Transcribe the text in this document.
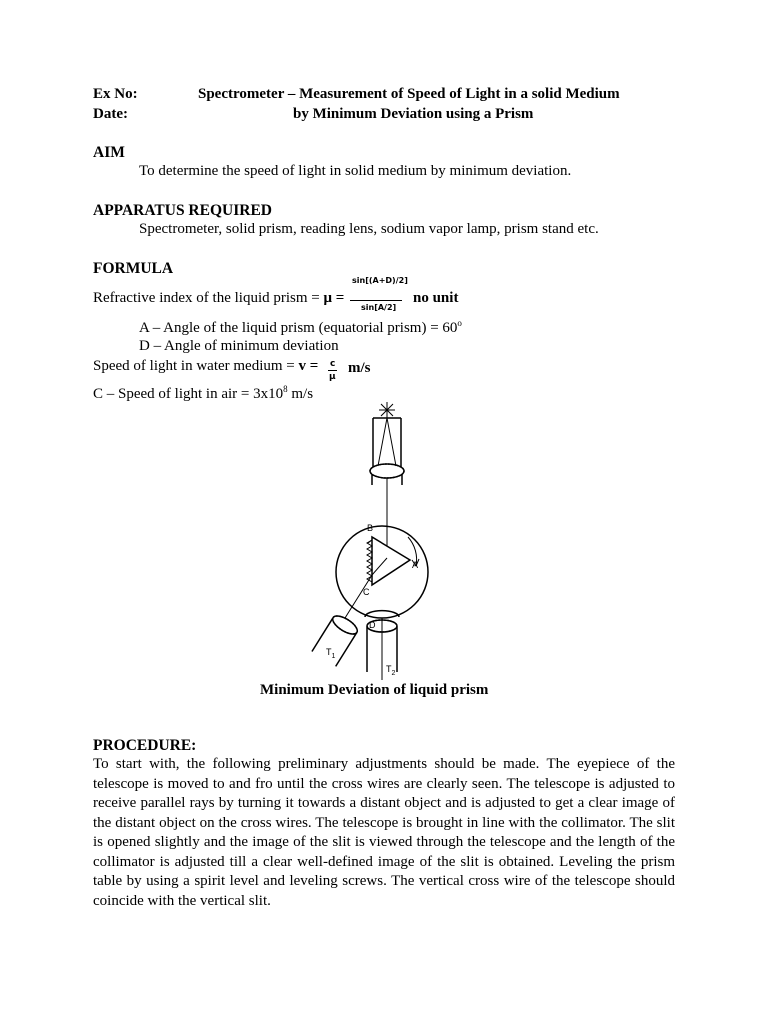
Ex No:
Date:
Spectrometer – Measurement of Speed of Light in a solid Medium
by Minimum Deviation using a Prism
AIM
To determine the speed of light in solid medium by minimum deviation.
APPARATUS REQUIRED
Spectrometer, solid prism, reading lens, sodium vapor lamp, prism stand etc.
FORMULA
Refractive index of the liquid prism = μ =
sin[(A+D)/2]
sin[A/2]
no unit
A – Angle of the liquid prism (equatorial prism) = $60^o$
D – Angle of minimum deviation
Speed of light in water medium = v = c
μ
m/s
C – Speed of light in air = $3x10^8$ m/s
B
A
C
D
$T_1$
$T_2$
Minimum Deviation of liquid prism
PROCEDURE:
To start with, the following preliminary adjustments should be made. The eyepiece of the telescope is moved to and fro until the cross wires are clearly seen. The telescope is adjusted to receive parallel rays by turning it towards a distant object and is adjusted to get a clear image of the distant object on the cross wires. The telescope is brought in line with the collimator. The slit is opened slightly and the image of the slit is viewed through the telescope and the length of the collimator is adjusted till a clear well-defined image of the slit is obtained. Leveling the prism table by using a spirit level and leveling screws. The vertical cross wire of the telescope should coincide with the vertical slit.
